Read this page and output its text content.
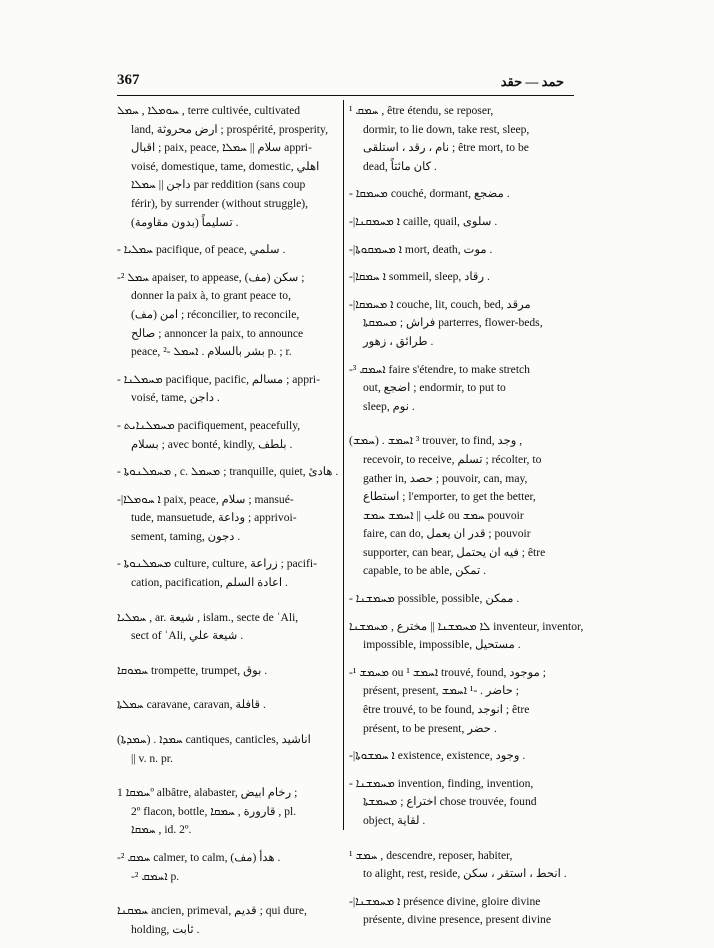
367	حمد — حقد
ܚܘܡܠܐ , ܚܡܠ , terre cultivée, cultivated
land, ارض محروثة ; prospérité, prosperity,
اقبال ; paix, peace, سلام || ܚܡܠܐ appri-
voisé, domestique, tame, domestic, اهلي
داجن || ܚܡܠܐ par reddition (sans coup
férir), by surrender (without struggle),
(بدون مقاومة) تسليماً .
- ܚܡܠܝܐ pacifique, of peace, سلمي .
-² ܚܡܠ apaiser, to appease, سكن (مف) ;
donner la paix à, to grant peace to,
امن (مف) ; réconcilier, to reconcile,
صالح ; annoncer la paix, to announce
peace, بشر بالسلام . ܐܚܡܠ -² p. ; r.
- ܡܚܡܠܢܐ pacifique, pacific, مسالم ; appri-
voisé, tame, داجن .
- ܡܚܡܠܢܐܝܬ pacifiquement, peacefully,
بسلام ; avec bonté, kindly, بلطف .
- ܡܚܡܠܢܘܬܐ , c. ܡܚܡܠ ; tranquille, quiet, هادئ .
-|ܐ ܚܘܡܠܐ paix, peace, سلام ; mansué-
tude, mansuetude, وداعة ; apprivoi-
sement, taming, دجون .
- ܡܚܡܠܢܘܬܐ culture, culture, زراعة ; pacifi-
cation, pacification, اعادة السلم .
ܚܡܠܝܐ , ar. شيعة , islam., secte de ʿAli,
sect of ʿAli, شيعة علي .
ܚܡܘܩܐ trompette, trumpet, بوق .
ܚܡܠܬܐ caravane, caravan, قافلة .
(ܚܡܕܬܐ) . ܚܡܕܐ cantiques, canticles, اناشيد
|| v. n. pr.
ܚܡܩܐ 1º albâtre, alabaster, رخام ابيض ;
2º flacon, bottle, قارورة , ܚܡܩܐ , pl.
ܚܡܩܐ , id. 2º.
-² ܚܡܩ calmer, to calm, هدأ (مف) .
-² ܐܚܡܩ p.
ܚܡܩܢܐ ancien, primeval, قديم ; qui dure,
holding, ثابت .
¹ ܚܡܩ , être étendu, se reposer,
dormir, to lie down, take rest, sleep,
نام ، رقد ، استلقى ; être mort, to be
dead, كان مائتاً .
- ܡܚܡܩܐ couché, dormant, مضجع .
-|ܐ ܡܚܡܩܢܐ caille, quail, سلوى .
-|ܐ ܡܚܡܩܘܬܐ mort, death, موت .
-|ܐ ܚܡܩܐ sommeil, sleep, رقاد .
-|ܐ ܡܚܡܩܐ couche, lit, couch, bed, مرقد
فراش ; ܡܚܡܩܬܐ parterres, flower-beds,
طرائق ، زهور .
-³ ܐܚܡܩ faire s'étendre, to make stretch
out, اضجع ; endormir, to put to
sleep, نوم .
(ܚܡܫ) . ³ ܐܚܡܫ trouver, to find, وجد ,
recevoir, to receive, تسلم ; récolter, to
gather in, حصد ; pouvoir, can, may,
استطاع ; l'emporter, to get the better,
غلب || ܐܚܡܫ ܚܡܫ ou ܚܡܫ pouvoir
faire, can do, قدر ان يعمل ; pouvoir
supporter, can bear, فيه ان يحتمل ; être
capable, to be able, تمكن .
- ܡܚܡܫܢܐ possible, possible, ممكن .
ܠܐ ܡܚܡܫܢܐ || مخترع , ܡܚܡܫܢܐ inventeur, inventor,
impossible, impossible, مستحيل .
-¹ ܡܚܡܫ ou ¹ ܐܚܡܫ trouvé, found, موجود ;
présent, present, حاضر . -¹ ܐܚܡܫ ;
être trouvé, to be found, انوجد ; être
présent, to be present, حضر .
-|ܐ ܚܡܫܘܬܐ existence, existence, وجود .
- ܡܚܡܫܢܐ invention, finding, invention,
اختراع ; ܡܚܡܫܬܐ chose trouvée, found
object, لقاية .
¹ ܚܡܫ , descendre, reposer, habiter,
to alight, rest, reside, انحط ، استقر ، سكن .
-|ܐ ܡܚܡܫܢܐ présence divine, gloire divine
présente, divine presence, present divine
